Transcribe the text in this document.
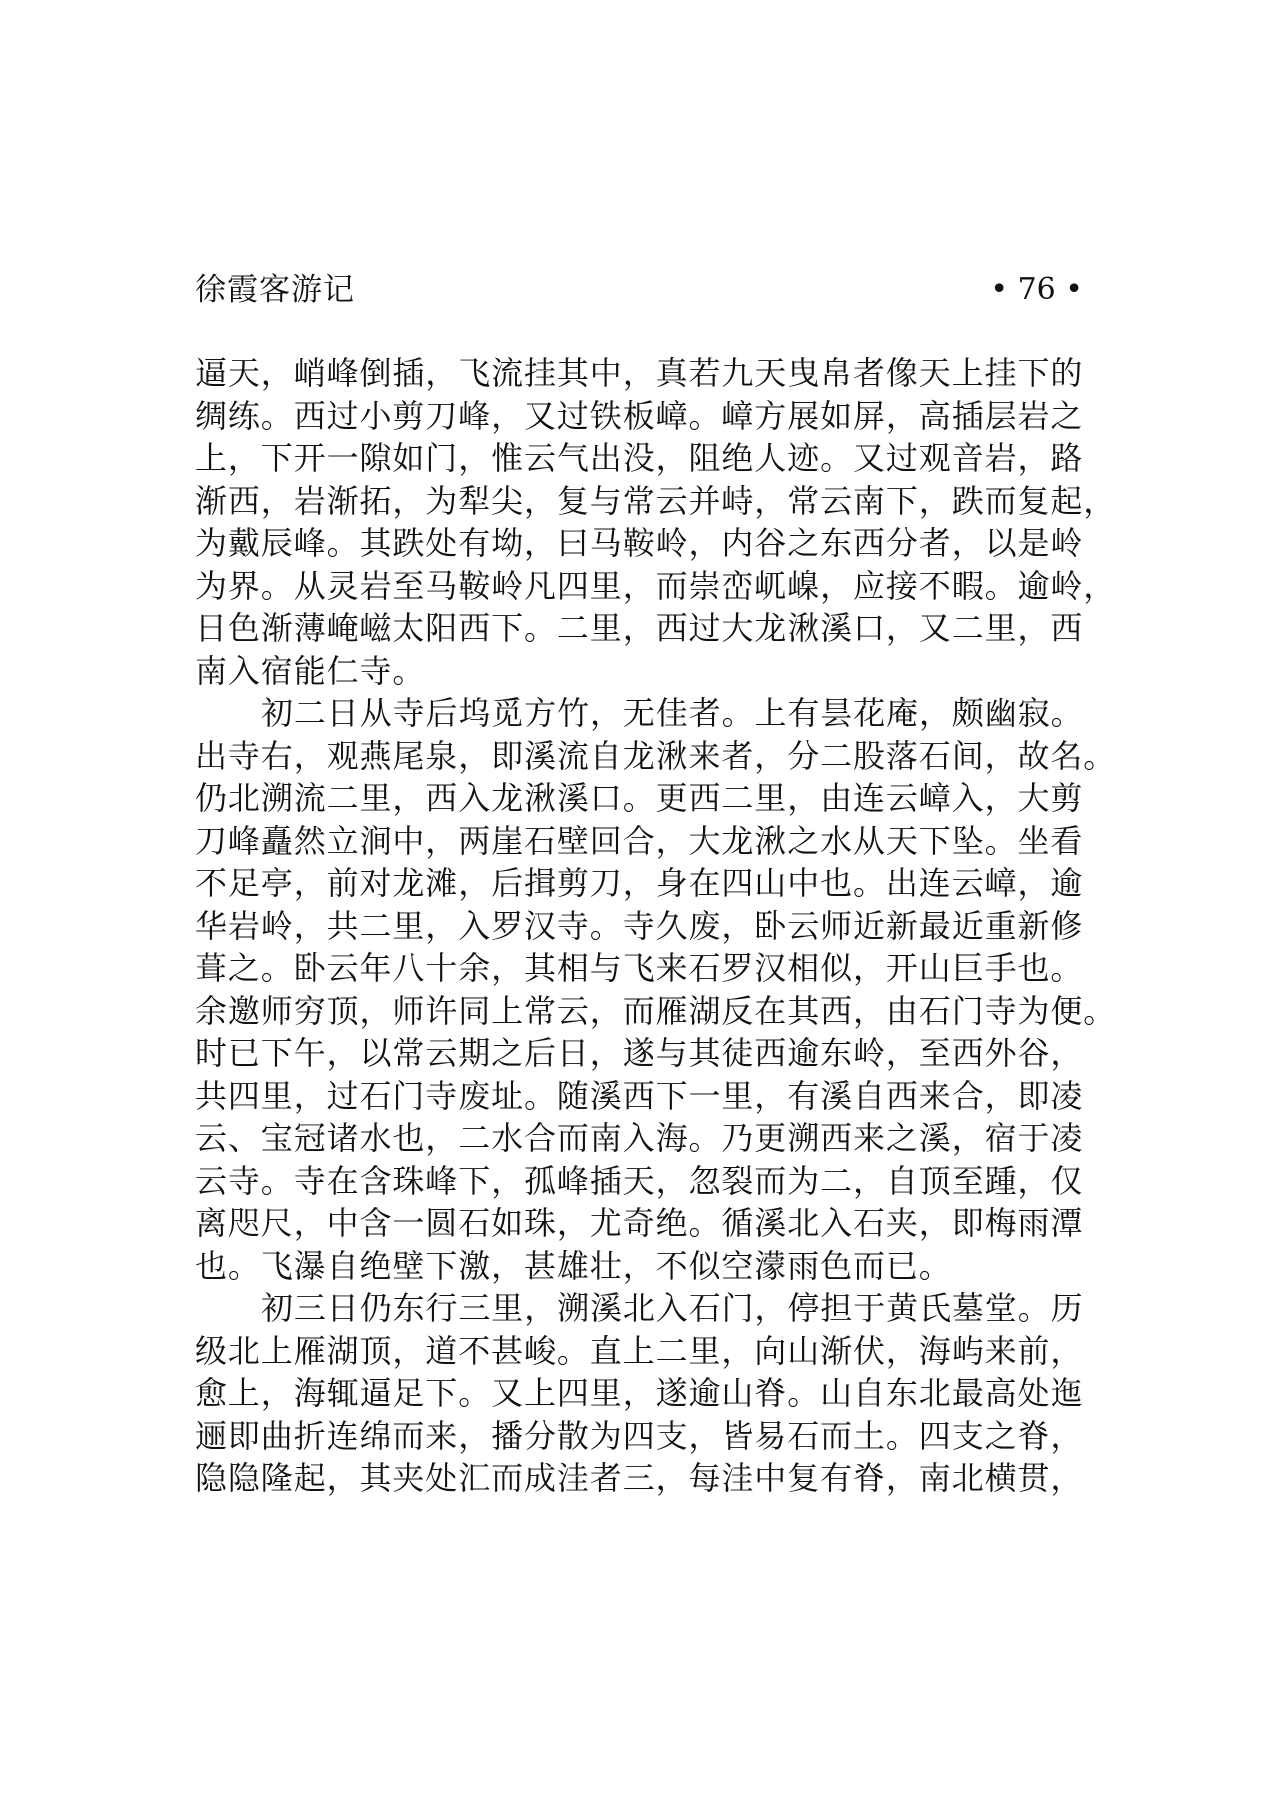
徐霞客游记	• 76 •
逼天，峭峰倒插，飞流挂其中，真若九天曳帛者像天上挂下的
绸练。西过小剪刀峰，又过铁板嶂。嶂方展如屏，高插层岩之
上，下开一隙如门，惟云气出没，阻绝人迹。又过观音岩，路
渐西，岩渐拓，为犁尖，复与常云并峙，常云南下，跌而复起，
为戴辰峰。其跌处有坳，曰马鞍岭，内谷之东西分者，以是岭
为界。从灵岩至马鞍岭凡四里，而崇峦屼嵲，应接不暇。逾岭，
日色渐薄崦嵫太阳西下。二里，西过大龙湫溪口，又二里，西
南入宿能仁寺。
初二日从寺后坞觅方竹，无佳者。上有昙花庵，颇幽寂。
出寺右，观燕尾泉，即溪流自龙湫来者，分二股落石间，故名。
仍北溯流二里，西入龙湫溪口。更西二里，由连云嶂入，大剪
刀峰矗然立涧中，两崖石壁回合，大龙湫之水从天下坠。坐看
不足亭，前对龙滩，后揖剪刀，身在四山中也。出连云嶂，逾
华岩岭，共二里，入罗汉寺。寺久废，卧云师近新最近重新修
葺之。卧云年八十余，其相与飞来石罗汉相似，开山巨手也。
余邀师穷顶，师许同上常云，而雁湖反在其西，由石门寺为便。
时已下午，以常云期之后日，遂与其徒西逾东岭，至西外谷，
共四里，过石门寺废址。随溪西下一里，有溪自西来合，即凌
云、宝冠诸水也，二水合而南入海。乃更溯西来之溪，宿于凌
云寺。寺在含珠峰下，孤峰插天，忽裂而为二，自顶至踵，仅
离咫尺，中含一圆石如珠，尤奇绝。循溪北入石夹，即梅雨潭
也。飞瀑自绝壁下激，甚雄壮，不似空濛雨色而已。
初三日仍东行三里，溯溪北入石门，停担于黄氏墓堂。历
级北上雁湖顶，道不甚峻。直上二里，向山渐伏，海屿来前，
愈上，海辄逼足下。又上四里，遂逾山脊。山自东北最高处迤
逦即曲折连绵而来，播分散为四支，皆易石而土。四支之脊，
隐隐隆起，其夹处汇而成洼者三，每洼中复有脊，南北横贯，
